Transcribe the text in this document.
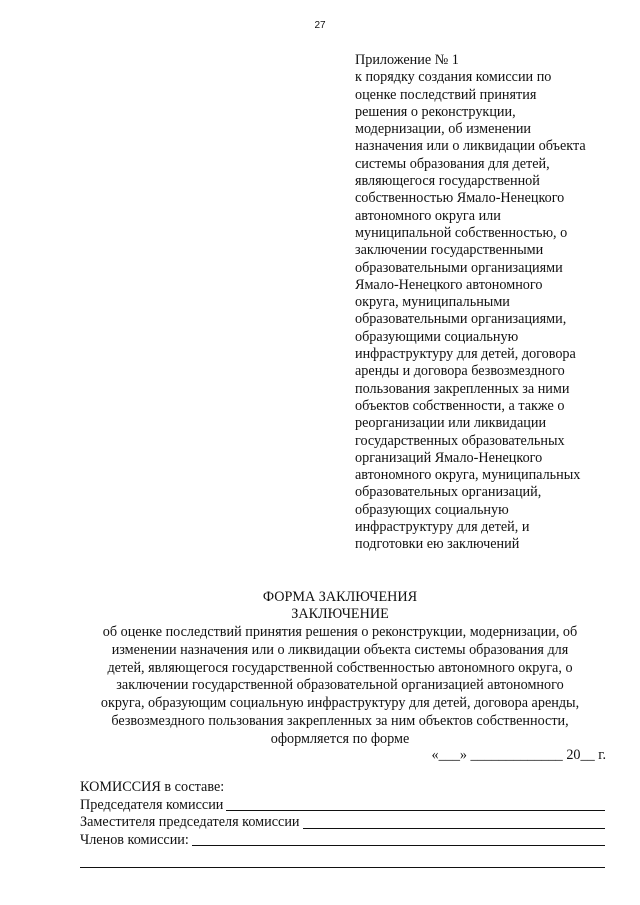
27
Приложение № 1
к порядку создания комиссии по
оценке последствий принятия
решения о реконструкции,
модернизации, об изменении
назначения или о ликвидации объекта
системы образования для детей,
являющегося государственной
собственностью Ямало-Ненецкого
автономного округа или
муниципальной собственностью, о
заключении государственными
образовательными организациями
Ямало-Ненецкого автономного
округа, муниципальными
образовательными организациями,
образующими социальную
инфраструктуру для детей, договора
аренды и договора безвозмездного
пользования закрепленных за ними
объектов собственности, а также о
реорганизации или ликвидации
государственных образовательных
организаций Ямало-Ненецкого
автономного округа, муниципальных
образовательных организаций,
образующих социальную
инфраструктуру для детей, и
подготовки ею заключений
ФОРМА ЗАКЛЮЧЕНИЯ
ЗАКЛЮЧЕНИЕ
об оценке последствий принятия решения о реконструкции, модернизации, об
изменении назначения или о ликвидации объекта системы образования для
детей, являющегося государственной собственностью автономного округа, о
заключении государственной образовательной организацией автономного
округа, образующим социальную инфраструктуру для детей, договора аренды,
безвозмездного пользования закрепленных за ним объектов собственности,
оформляется по форме
«___» _____________ 20__ г.
КОМИССИЯ в составе:
Председателя комиссии
Заместителя председателя комиссии
Членов комиссии:
